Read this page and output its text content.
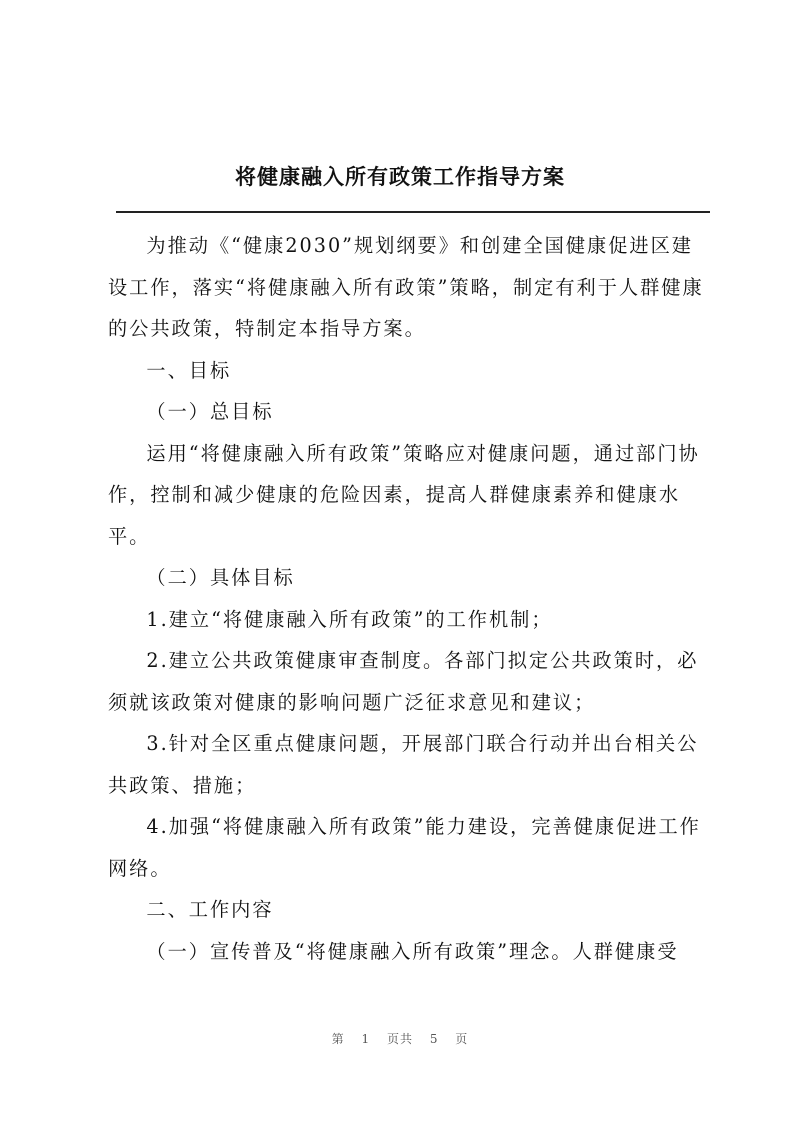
将健康融入所有政策工作指导方案

为推动《“健康2030”规划纲要》和创建全国健康促进区建设工作，落实“将健康融入所有政策”策略，制定有利于人群健康的公共政策，特制定本指导方案。

一、目标

（一）总目标

运用“将健康融入所有政策”策略应对健康问题，通过部门协作，控制和减少健康的危险因素，提高人群健康素养和健康水平。

（二）具体目标

1.建立“将健康融入所有政策”的工作机制；

2.建立公共政策健康审查制度。各部门拟定公共政策时，必须就该政策对健康的影响问题广泛征求意见和建议；

3.针对全区重点健康问题，开展部门联合行动并出台相关公共政策、措施；

4.加强“将健康融入所有政策”能力建设，完善健康促进工作网络。

二、工作内容

（一）宣传普及“将健康融入所有政策”理念。人群健康受

第 1 页共 5 页
